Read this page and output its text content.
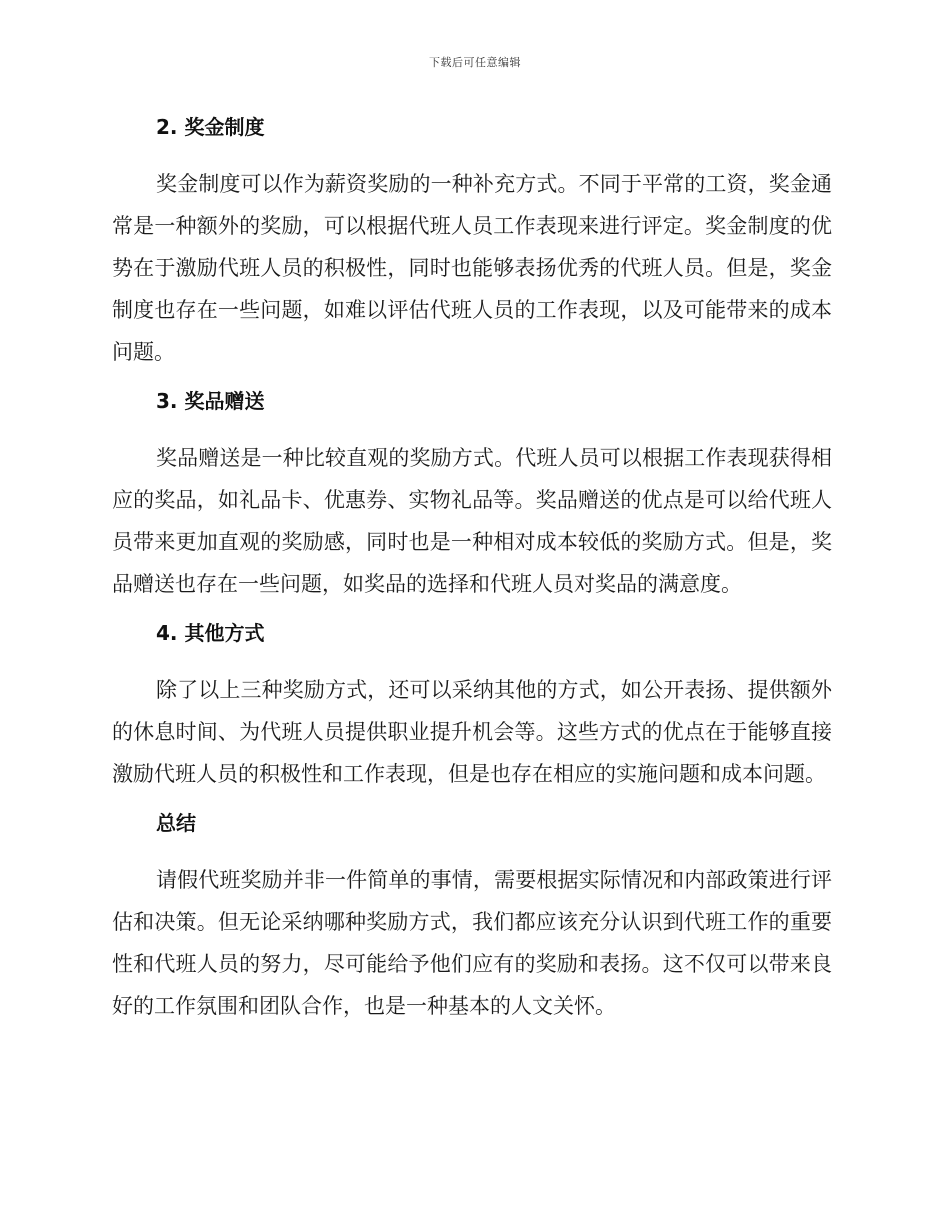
下载后可任意编辑
2. 奖金制度

奖金制度可以作为薪资奖励的一种补充方式。不同于平常的工资，奖金通常是一种额外的奖励，可以根据代班人员工作表现来进行评定。奖金制度的优势在于激励代班人员的积极性，同时也能够表扬优秀的代班人员。但是，奖金制度也存在一些问题，如难以评估代班人员的工作表现，以及可能带来的成本问题。

3. 奖品赠送

奖品赠送是一种比较直观的奖励方式。代班人员可以根据工作表现获得相应的奖品，如礼品卡、优惠券、实物礼品等。奖品赠送的优点是可以给代班人员带来更加直观的奖励感，同时也是一种相对成本较低的奖励方式。但是，奖品赠送也存在一些问题，如奖品的选择和代班人员对奖品的满意度。

4. 其他方式

除了以上三种奖励方式，还可以采纳其他的方式，如公开表扬、提供额外的休息时间、为代班人员提供职业提升机会等。这些方式的优点在于能够直接激励代班人员的积极性和工作表现，但是也存在相应的实施问题和成本问题。

总结

请假代班奖励并非一件简单的事情，需要根据实际情况和内部政策进行评估和决策。但无论采纳哪种奖励方式，我们都应该充分认识到代班工作的重要性和代班人员的努力，尽可能给予他们应有的奖励和表扬。这不仅可以带来良好的工作氛围和团队合作，也是一种基本的人文关怀。
